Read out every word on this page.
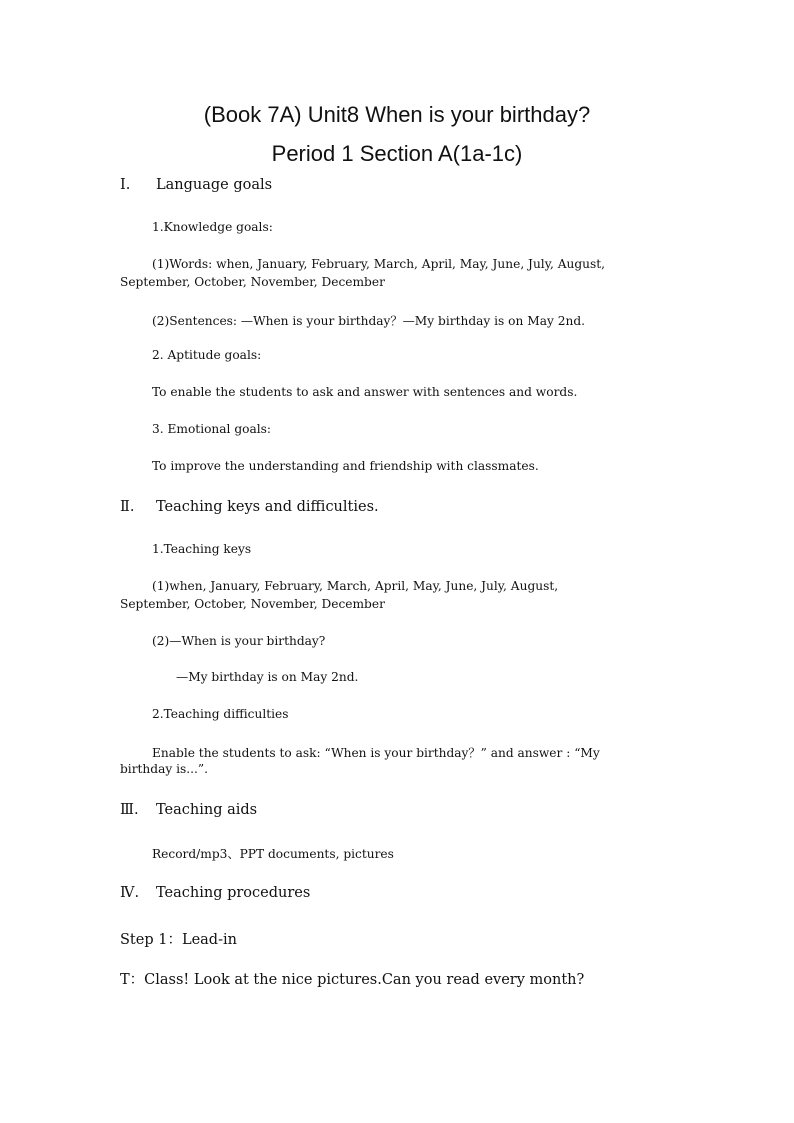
(Book 7A) Unit8 When is your birthday?
Period 1 Section A(1a-1c)
Ⅰ. Language goals
1.Knowledge goals:
(1)Words: when, January, February, March, April, May, June, July, August,
September, October, November, December
(2)Sentences: —When is your birthday？—My birthday is on May 2nd.
2. Aptitude goals:
To enable the students to ask and answer with sentences and words.
3. Emotional goals:
To improve the understanding and friendship with classmates.
Ⅱ. Teaching keys and difficulties.
1.Teaching keys
(1)when, January, February, March, April, May, June, July, August,
September, October, November, December
(2)—When is your birthday?
—My birthday is on May 2nd.
2.Teaching difficulties
Enable the students to ask: “When is your birthday？” and answer : “My
birthday is...”.
Ⅲ. Teaching aids
Record/mp3、PPT documents, pictures
Ⅳ. Teaching procedures
Step 1：Lead-in
T：Class! Look at the nice pictures.Can you read every month?
